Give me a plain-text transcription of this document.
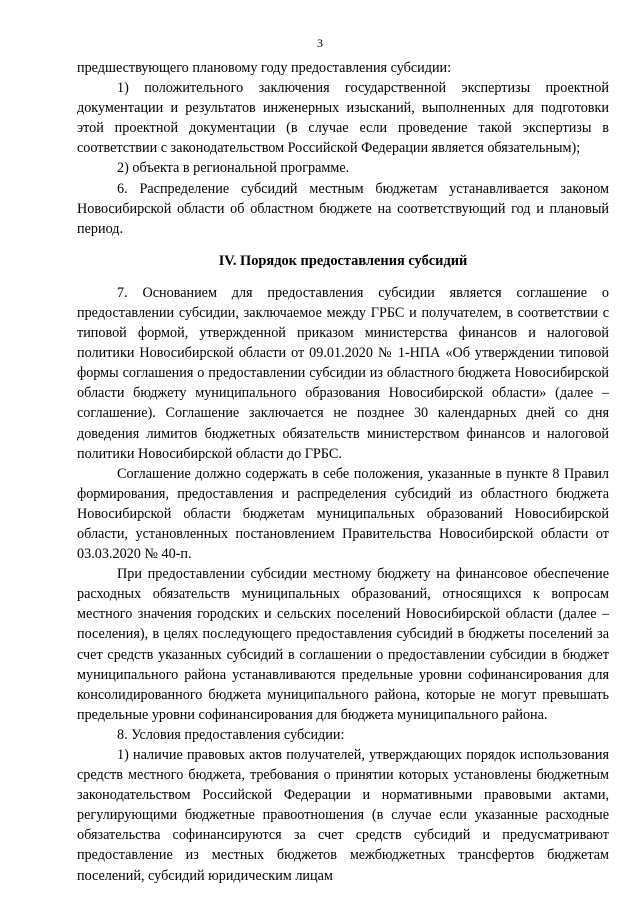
3

предшествующего плановому году предоставления субсидии:

1) положительного заключения государственной экспертизы проектной документации и результатов инженерных изысканий, выполненных для подготовки этой проектной документации (в случае если проведение такой экспертизы в соответствии с законодательством Российской Федерации является обязательным);

2) объекта в региональной программе.

6. Распределение субсидий местным бюджетам устанавливается законом Новосибирской области об областном бюджете на соответствующий год и плановый период.

IV. Порядок предоставления субсидий

7. Основанием для предоставления субсидии является соглашение о предоставлении субсидии, заключаемое между ГРБС и получателем, в соответствии с типовой формой, утвержденной приказом министерства финансов и налоговой политики Новосибирской области от 09.01.2020 № 1-НПА «Об утверждении типовой формы соглашения о предоставлении субсидии из областного бюджета Новосибирской области бюджету муниципального образования Новосибирской области» (далее – соглашение). Соглашение заключается не позднее 30 календарных дней со дня доведения лимитов бюджетных обязательств министерством финансов и налоговой политики Новосибирской области до ГРБС.

Соглашение должно содержать в себе положения, указанные в пункте 8 Правил формирования, предоставления и распределения субсидий из областного бюджета Новосибирской области бюджетам муниципальных образований Новосибирской области, установленных постановлением Правительства Новосибирской области от 03.03.2020 № 40-п.

При предоставлении субсидии местному бюджету на финансовое обеспечение расходных обязательств муниципальных образований, относящихся к вопросам местного значения городских и сельских поселений Новосибирской области (далее – поселения), в целях последующего предоставления субсидий в бюджеты поселений за счет средств указанных субсидий в соглашении о предоставлении субсидии в бюджет муниципального района устанавливаются предельные уровни софинансирования для консолидированного бюджета муниципального района, которые не могут превышать предельные уровни софинансирования для бюджета муниципального района.

8. Условия предоставления субсидии:

1) наличие правовых актов получателей, утверждающих порядок использования средств местного бюджета, требования о принятии которых установлены бюджетным законодательством Российской Федерации и нормативными правовыми актами, регулирующими бюджетные правоотношения (в случае если указанные расходные обязательства софинансируются за счет средств субсидий и предусматривают предоставление из местных бюджетов межбюджетных трансфертов бюджетам поселений, субсидий юридическим лицам
